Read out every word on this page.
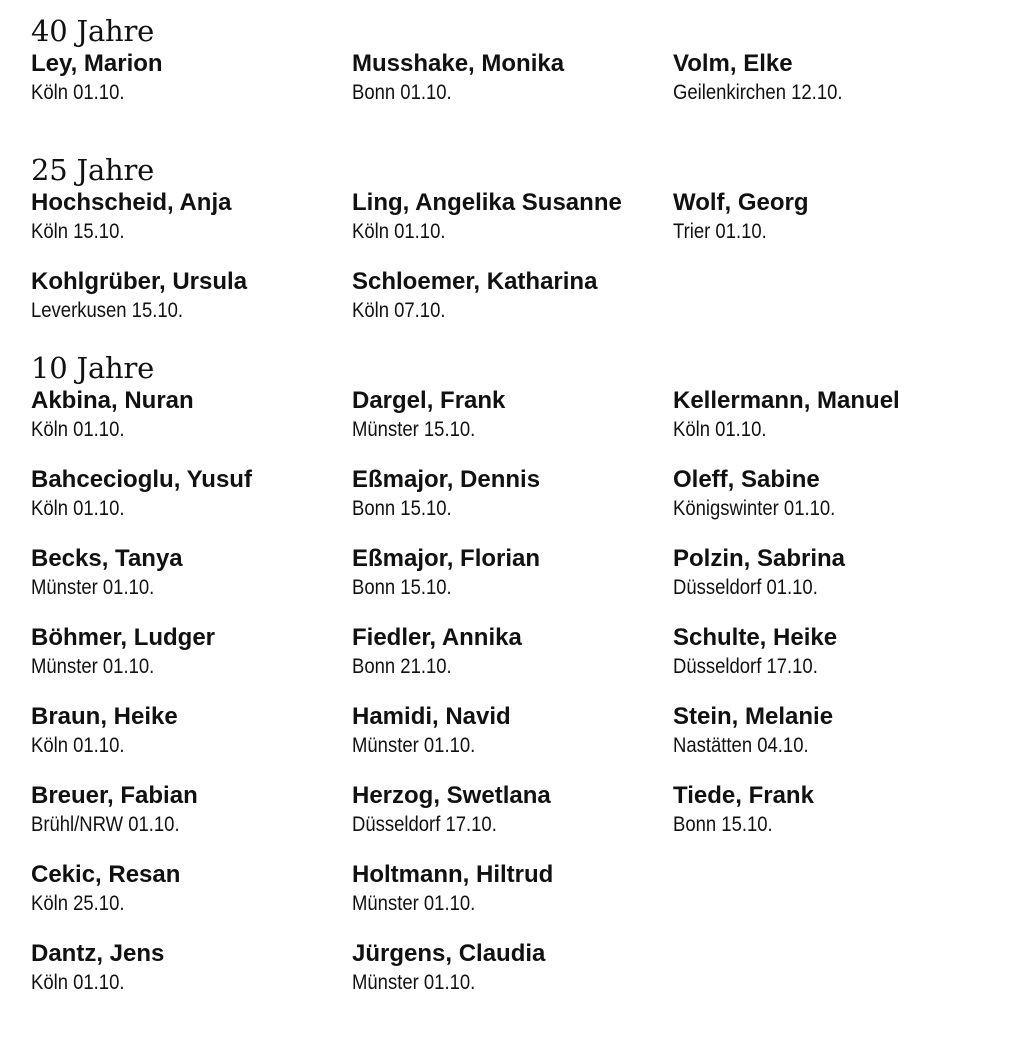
40 Jahre
Ley, Marion
Köln 01.10.
Musshake, Monika
Bonn 01.10.
Volm, Elke
Geilenkirchen 12.10.
25 Jahre
Hochscheid, Anja
Köln 15.10.
Ling, Angelika Susanne
Köln 01.10.
Wolf, Georg
Trier 01.10.
Kohlgrüber, Ursula
Leverkusen 15.10.
Schloemer, Katharina
Köln 07.10.
10 Jahre
Akbina, Nuran
Köln 01.10.
Dargel, Frank
Münster 15.10.
Kellermann, Manuel
Köln 01.10.
Bahcecioglu, Yusuf
Köln 01.10.
Eßmajor, Dennis
Bonn 15.10.
Oleff, Sabine
Königswinter 01.10.
Becks, Tanya
Münster 01.10.
Eßmajor, Florian
Bonn 15.10.
Polzin, Sabrina
Düsseldorf 01.10.
Böhmer, Ludger
Münster 01.10.
Fiedler, Annika
Bonn 21.10.
Schulte, Heike
Düsseldorf 17.10.
Braun, Heike
Köln 01.10.
Hamidi, Navid
Münster 01.10.
Stein, Melanie
Nastätten 04.10.
Breuer, Fabian
Brühl/NRW 01.10.
Herzog, Swetlana
Düsseldorf 17.10.
Tiede, Frank
Bonn 15.10.
Cekic, Resan
Köln 25.10.
Holtmann, Hiltrud
Münster 01.10.
Dantz, Jens
Köln 01.10.
Jürgens, Claudia
Münster 01.10.
